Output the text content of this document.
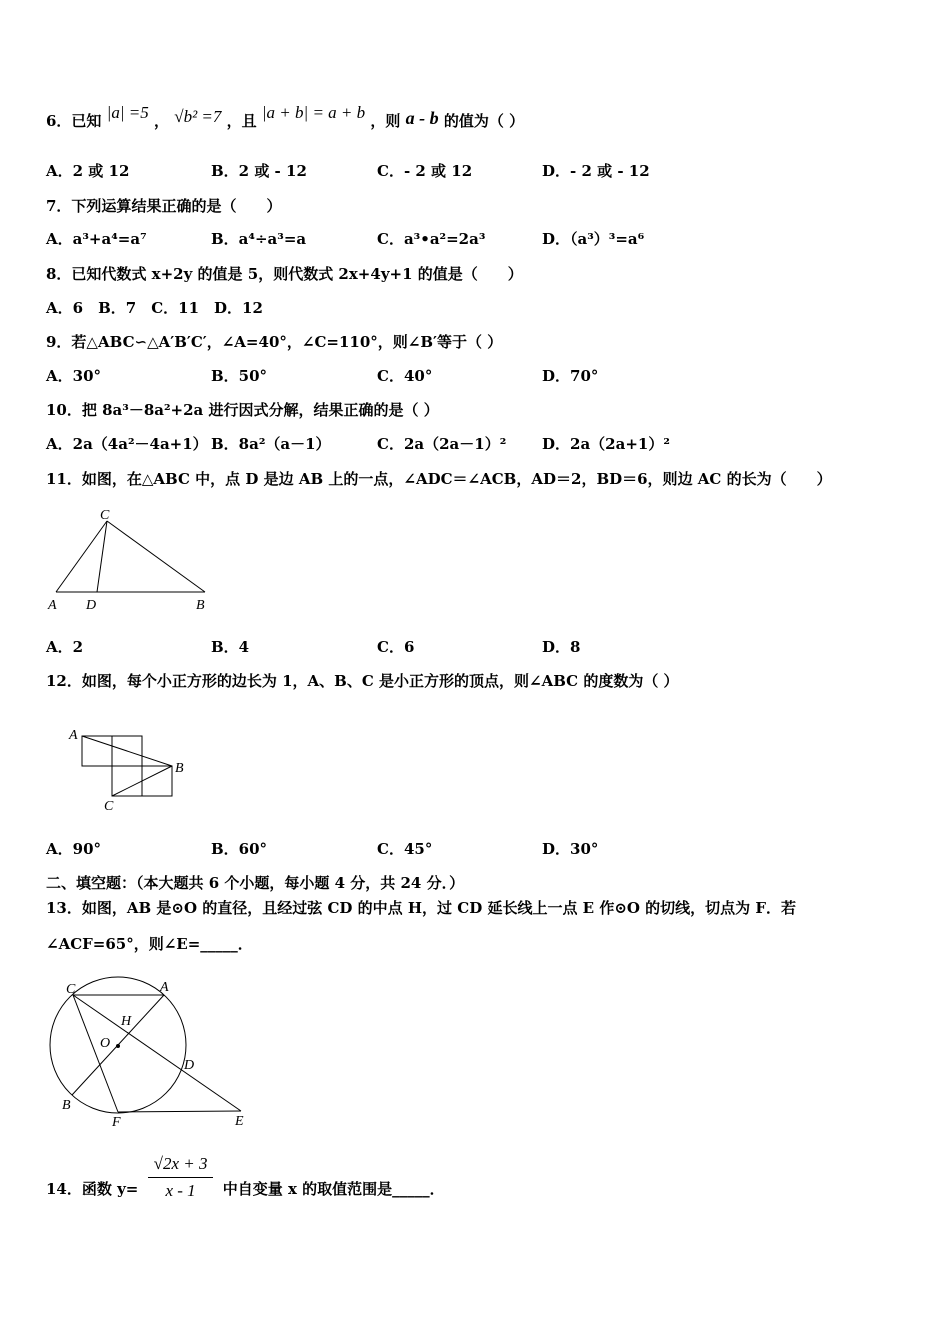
6．已知 |a| =5 ， √b² =7 ，且 |a + b| = a + b ，则 a - b 的值为（ ）
A．2 或 12	B．2 或 - 12	C．- 2 或 12	D．- 2 或 - 12
7．下列运算结果正确的是（　　）
A．a³+a⁴=a⁷	B．a⁴÷a³=a	C．a³•a²=2a³	D．（a³）³=a⁶
8．已知代数式 x+2y 的值是 5，则代数式 2x+4y+1 的值是（　　）
A．6　B．7　C．11　D．12
9．若△ABC∽△A′B′C′，∠A=40°，∠C=110°，则∠B′等于（ ）
A．30°	B．50°	C．40°	D．70°
10．把 8a³－8a²+2a 进行因式分解，结果正确的是（ ）
A．2a（4a²－4a+1） B．8a²（a－1）	C．2a（2a－1）² D．2a（2a+1）²
11．如图，在△ABC 中，点 D 是边 AB 上的一点，∠ADC＝∠ACB，AD＝2，BD＝6，则边 AC 的长为（　　）
C
A D	B
A．2	B．4	C．6	D．8
12．如图，每个小正方形的边长为 1，A、B、C 是小正方形的顶点，则∠ABC 的度数为（ ）
A
B
C
A．90°	B．60°	C．45°	D．30°
二、填空题：（本大题共 6 个小题，每小题 4 分，共 24 分．）
13．如图，AB 是⊙O 的直径，且经过弦 CD 的中点 H，过 CD 延长线上一点 E 作⊙O 的切线，切点为 F．若
∠ACF=65°，则∠E=_____．
C	A
H
O
D
B
F	E
14．函数 $y= \frac{√2x + 3}{x - 1}$ 中自变量 x 的取值范围是_____．
